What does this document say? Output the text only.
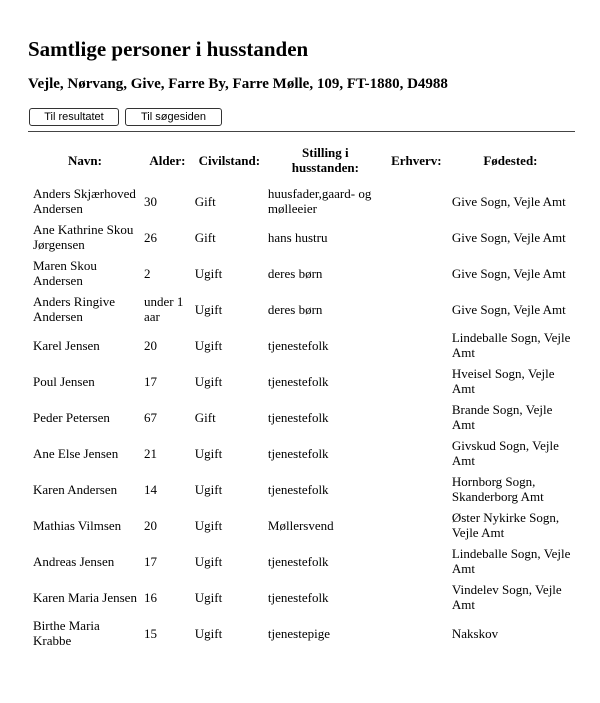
Samtlige personer i husstanden
Vejle, Nørvang, Give, Farre By, Farre Mølle, 109, FT-1880, D4988
Til resultatet	Til søgesiden
Navn:	Alder:	Civilstand:	Stilling i husstanden:	Erhverv:	Fødested:
Anders Skjærhoved Andersen	30	Gift	huusfader,gaard- og mølleeier		Give Sogn, Vejle Amt
Ane Kathrine Skou Jørgensen	26	Gift	hans hustru		Give Sogn, Vejle Amt
Maren Skou Andersen	2	Ugift	deres børn		Give Sogn, Vejle Amt
Anders Ringive Andersen	under 1 aar	Ugift	deres børn		Give Sogn, Vejle Amt
Karel Jensen	20	Ugift	tjenestefolk		Lindeballe Sogn, Vejle Amt
Poul Jensen	17	Ugift	tjenestefolk		Hveisel Sogn, Vejle Amt
Peder Petersen	67	Gift	tjenestefolk		Brande Sogn, Vejle Amt
Ane Else Jensen	21	Ugift	tjenestefolk		Givskud Sogn, Vejle Amt
Karen Andersen	14	Ugift	tjenestefolk		Hornborg Sogn, Skanderborg Amt
Mathias Vilmsen	20	Ugift	Møllersvend		Øster Nykirke Sogn, Vejle Amt
Andreas Jensen	17	Ugift	tjenestefolk		Lindeballe Sogn, Vejle Amt
Karen Maria Jensen	16	Ugift	tjenestefolk		Vindelev Sogn, Vejle Amt
Birthe Maria Krabbe	15	Ugift	tjenestepige		Nakskov
